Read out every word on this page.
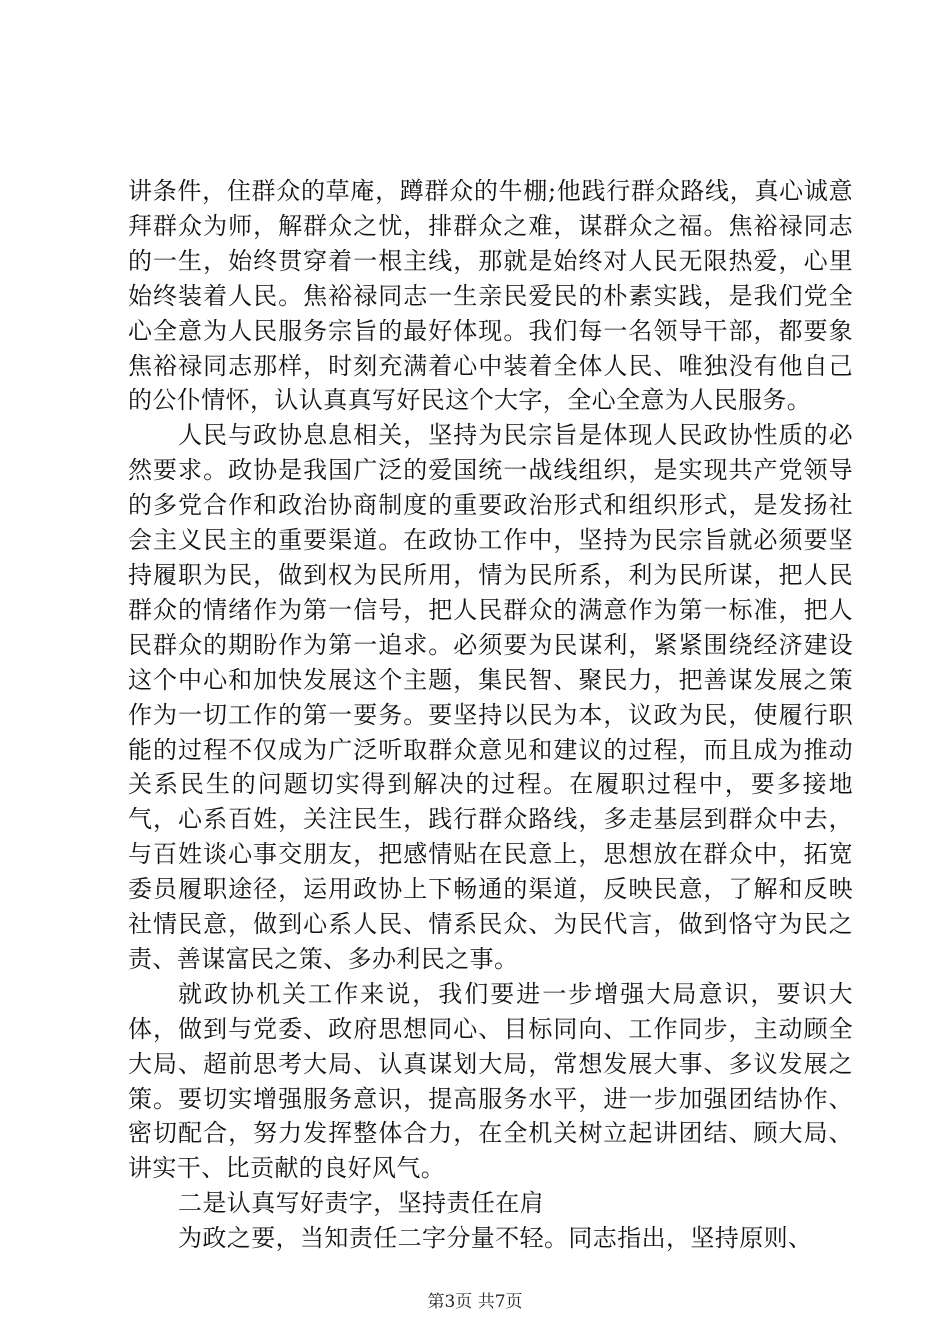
讲条件，住群众的草庵，蹲群众的牛棚;他践行群众路线，真心诚意拜群众为师，解群众之忧，排群众之难，谋群众之福。焦裕禄同志的一生，始终贯穿着一根主线，那就是始终对人民无限热爱，心里始终装着人民。焦裕禄同志一生亲民爱民的朴素实践，是我们党全心全意为人民服务宗旨的最好体现。我们每一名领导干部，都要象焦裕禄同志那样，时刻充满着心中装着全体人民、唯独没有他自己的公仆情怀，认认真真写好民这个大字，全心全意为人民服务。

人民与政协息息相关，坚持为民宗旨是体现人民政协性质的必然要求。政协是我国广泛的爱国统一战线组织，是实现共产党领导的多党合作和政治协商制度的重要政治形式和组织形式，是发扬社会主义民主的重要渠道。在政协工作中，坚持为民宗旨就必须要坚持履职为民，做到权为民所用，情为民所系，利为民所谋，把人民群众的情绪作为第一信号，把人民群众的满意作为第一标准，把人民群众的期盼作为第一追求。必须要为民谋利，紧紧围绕经济建设这个中心和加快发展这个主题，集民智、聚民力，把善谋发展之策作为一切工作的第一要务。要坚持以民为本，议政为民，使履行职能的过程不仅成为广泛听取群众意见和建议的过程，而且成为推动关系民生的问题切实得到解决的过程。在履职过程中，要多接地气，心系百姓，关注民生，践行群众路线，多走基层到群众中去，与百姓谈心事交朋友，把感情贴在民意上，思想放在群众中，拓宽委员履职途径，运用政协上下畅通的渠道，反映民意，了解和反映社情民意，做到心系人民、情系民众、为民代言，做到恪守为民之责、善谋富民之策、多办利民之事。

就政协机关工作来说，我们要进一步增强大局意识，要识大体，做到与党委、政府思想同心、目标同向、工作同步，主动顾全大局、超前思考大局、认真谋划大局，常想发展大事、多议发展之策。要切实增强服务意识，提高服务水平，进一步加强团结协作、密切配合，努力发挥整体合力，在全机关树立起讲团结、顾大局、讲实干、比贡献的良好风气。

二是认真写好责字，坚持责任在肩

为政之要，当知责任二字分量不轻。同志指出，坚持原则、

第3页 共7页
